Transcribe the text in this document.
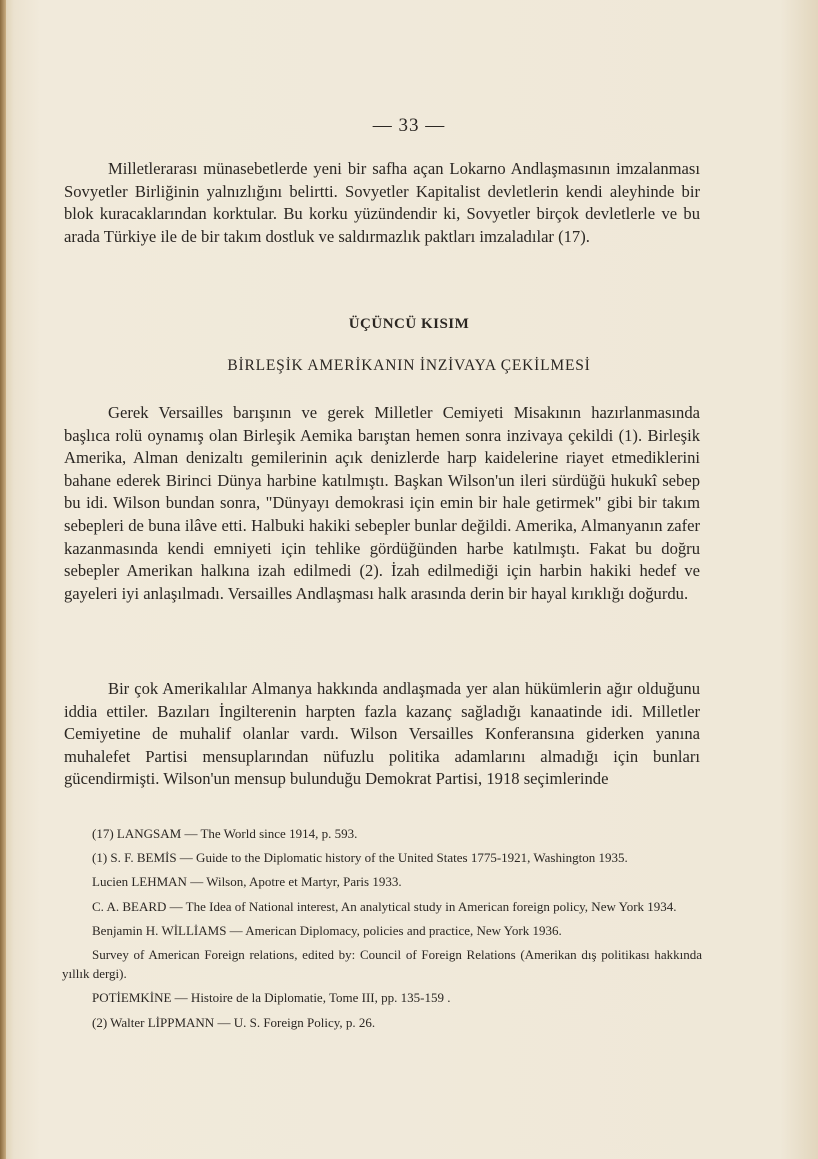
— 33 —

Milletlerarası münasebetlerde yeni bir safha açan Lokarno Andlaşmasının imzalanması Sovyetler Birliğinin yalnızlığını belirtti. Sovyetler Kapitalist devletlerin kendi aleyhinde bir blok kuracaklarından korktular. Bu korku yüzündendir ki, Sovyetler birçok devletlerle ve bu arada Türkiye ile de bir takım dostluk ve saldırmazlık paktları imzaladılar (17).

ÜÇÜNCÜ KISIM
BİRLEŞİK AMERİKANIN İNZİVAYA ÇEKİLMESİ

Gerek Versailles barışının ve gerek Milletler Cemiyeti Misakının hazırlanmasında başlıca rolü oynamış olan Birleşik Aemika barıştan hemen sonra inzivaya çekildi (1). Birleşik Amerika, Alman denizaltı gemilerinin açık denizlerde harp kaidelerine riayet etmediklerini bahane ederek Birinci Dünya harbine katılmıştı. Başkan Wilson'un ileri sürdüğü hukukî sebep bu idi. Wilson bundan sonra, "Dünyayı demokrasi için emin bir hale getirmek" gibi bir takım sebepleri de buna ilâve etti. Halbuki hakiki sebepler bunlar değildi. Amerika, Almanyanın zafer kazanmasında kendi emniyeti için tehlike gördüğünden harbe katılmıştı. Fakat bu doğru sebepler Amerikan halkına izah edilmedi (2). İzah edilmediği için harbin hakiki hedef ve gayeleri iyi anlaşılmadı. Versailles Andlaşması halk arasında derin bir hayal kırıklığı doğurdu.

Bir çok Amerikalılar Almanya hakkında andlaşmada yer alan hükümlerin ağır olduğunu iddia ettiler. Bazıları İngilterenin harpten fazla kazanç sağladığı kanaatinde idi. Milletler Cemiyetine de muhalif olanlar vardı. Wilson Versailles Konferansına giderken yanına muhalefet Partisi mensuplarından nüfuzlu politika adamlarını almadığı için bunları gücendirmişti. Wilson'un mensup bulunduğu Demokrat Partisi, 1918 seçimlerinde

(17) LANGSAM — The World since 1914, p. 593.

(1) S. F. BEMİS — Guide to the Diplomatic history of the United States 1775-1921, Washington 1935.

Lucien LEHMAN — Wilson, Apotre et Martyr, Paris 1933.

C. A. BEARD — The Idea of National interest, An analytical study in American foreign policy, New York 1934.

Benjamin H. WİLLİAMS — American Diplomacy, policies and practice, New York 1936.

Survey of American Foreign relations, edited by: Council of Foreign Relations (Amerikan dış politikası hakkında yıllık dergi).

POTİEMKİNE — Histoire de la Diplomatie, Tome III, pp. 135-159 .

(2) Walter LİPPMANN — U. S. Foreign Policy, p. 26.
